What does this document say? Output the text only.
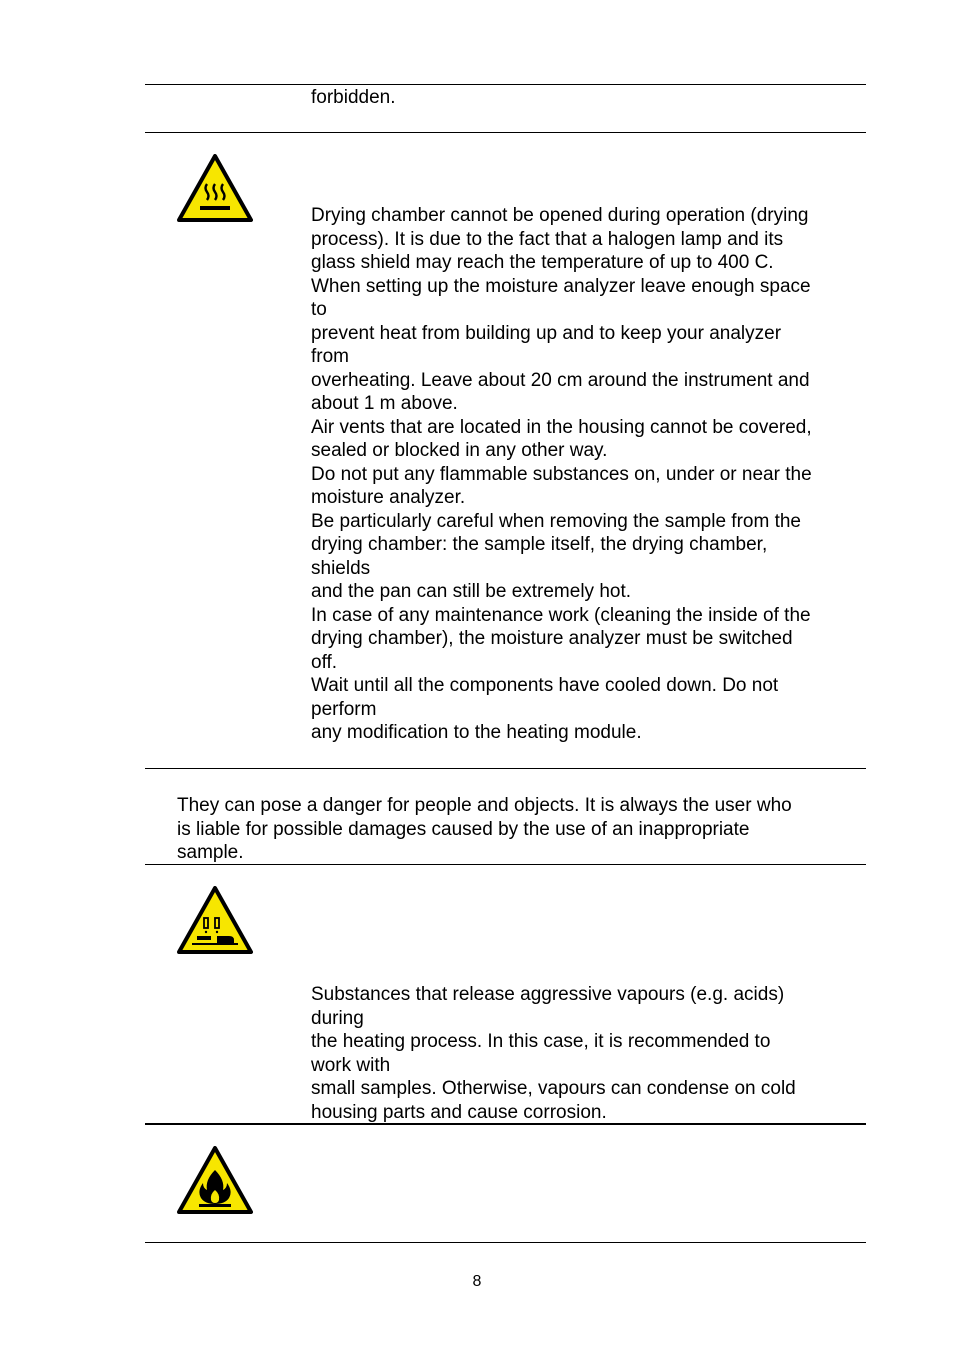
forbidden.

Drying chamber cannot be opened during operation (drying

process). It is due to the fact that a halogen lamp and its

glass shield may reach the temperature of up to 400 C.

When setting up the moisture analyzer leave enough space

to

prevent heat from building up and to keep your analyzer

from

overheating. Leave about 20 cm around the instrument and

about 1 m above.

Air vents that are located in the housing cannot be covered,

sealed or blocked in any other way.

Do not put any flammable substances on, under or near the

moisture analyzer.

Be particularly careful when removing the sample from the

drying chamber: the sample itself, the drying chamber,

shields

and the pan can still be extremely hot.

In case of any maintenance work (cleaning the inside of the

drying chamber), the moisture analyzer must be switched

off.

Wait until all the components have cooled down. Do not

perform

any modification to the heating module.

They can pose a danger for people and objects. It is always the user who

is liable for possible damages caused by the use of an inappropriate

sample.

Substances that release aggressive vapours (e.g. acids)

during

the heating process. In this case, it is recommended to

work with

small samples. Otherwise, vapours can condense on cold

housing parts and cause corrosion.

8
